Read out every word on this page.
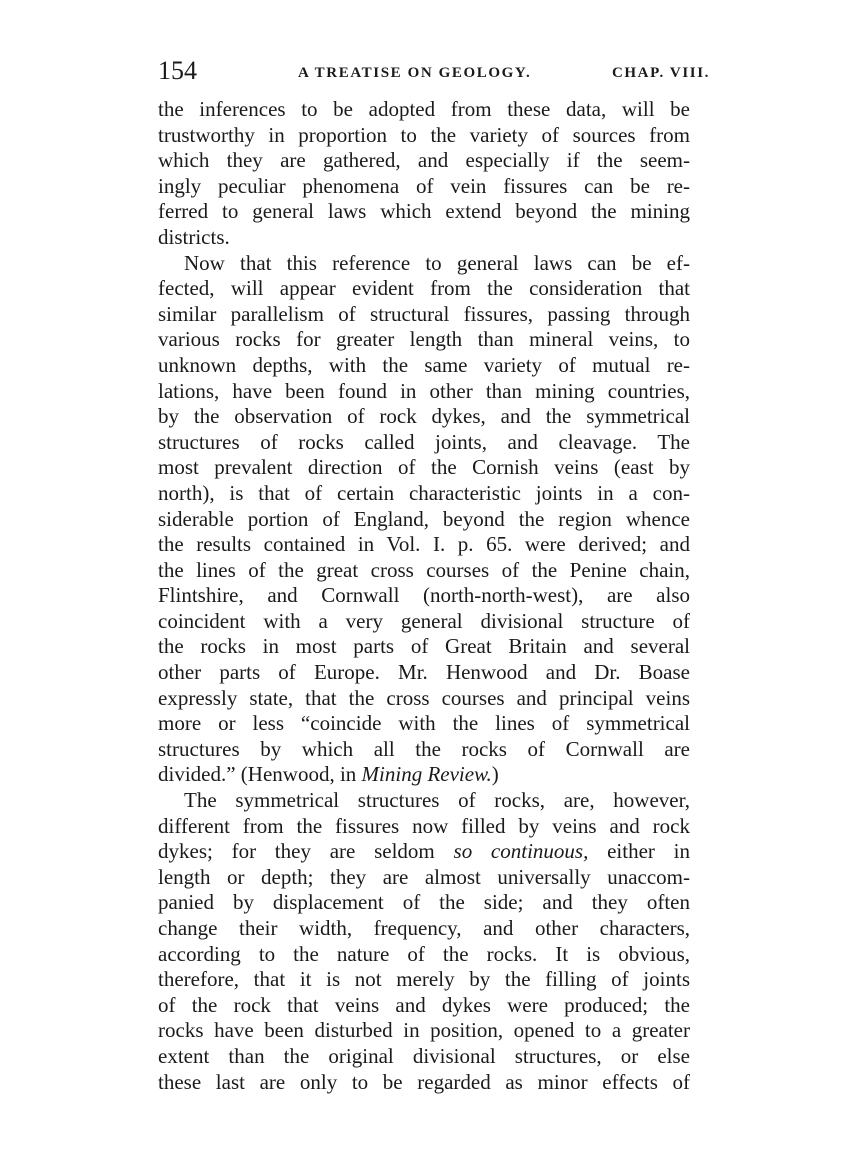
154	A TREATISE ON GEOLOGY.	CHAP. VIII.
the inferences to be adopted from these data, will be
trustworthy in proportion to the variety of sources from
which they are gathered, and especially if the seem-
ingly peculiar phenomena of vein fissures can be re-
ferred to general laws which extend beyond the mining
districts.
Now that this reference to general laws can be ef-
fected, will appear evident from the consideration that
similar parallelism of structural fissures, passing through
various rocks for greater length than mineral veins, to
unknown depths, with the same variety of mutual re-
lations, have been found in other than mining countries,
by the observation of rock dykes, and the symmetrical
structures of rocks called joints, and cleavage. The
most prevalent direction of the Cornish veins (east by
north), is that of certain characteristic joints in a con-
siderable portion of England, beyond the region whence
the results contained in Vol. I. p. 65. were derived; and
the lines of the great cross courses of the Penine chain,
Flintshire, and Cornwall (north-north-west), are also
coincident with a very general divisional structure of
the rocks in most parts of Great Britain and several
other parts of Europe. Mr. Henwood and Dr. Boase
expressly state, that the cross courses and principal veins
more or less “coincide with the lines of symmetrical
structures by which all the rocks of Cornwall are
divided.” (Henwood, in Mining Review.)
The symmetrical structures of rocks, are, however,
different from the fissures now filled by veins and rock
dykes; for they are seldom so continuous, either in
length or depth; they are almost universally unaccom-
panied by displacement of the side; and they often
change their width, frequency, and other characters,
according to the nature of the rocks. It is obvious,
therefore, that it is not merely by the filling of joints
of the rock that veins and dykes were produced; the
rocks have been disturbed in position, opened to a greater
extent than the original divisional structures, or else
these last are only to be regarded as minor effects of
